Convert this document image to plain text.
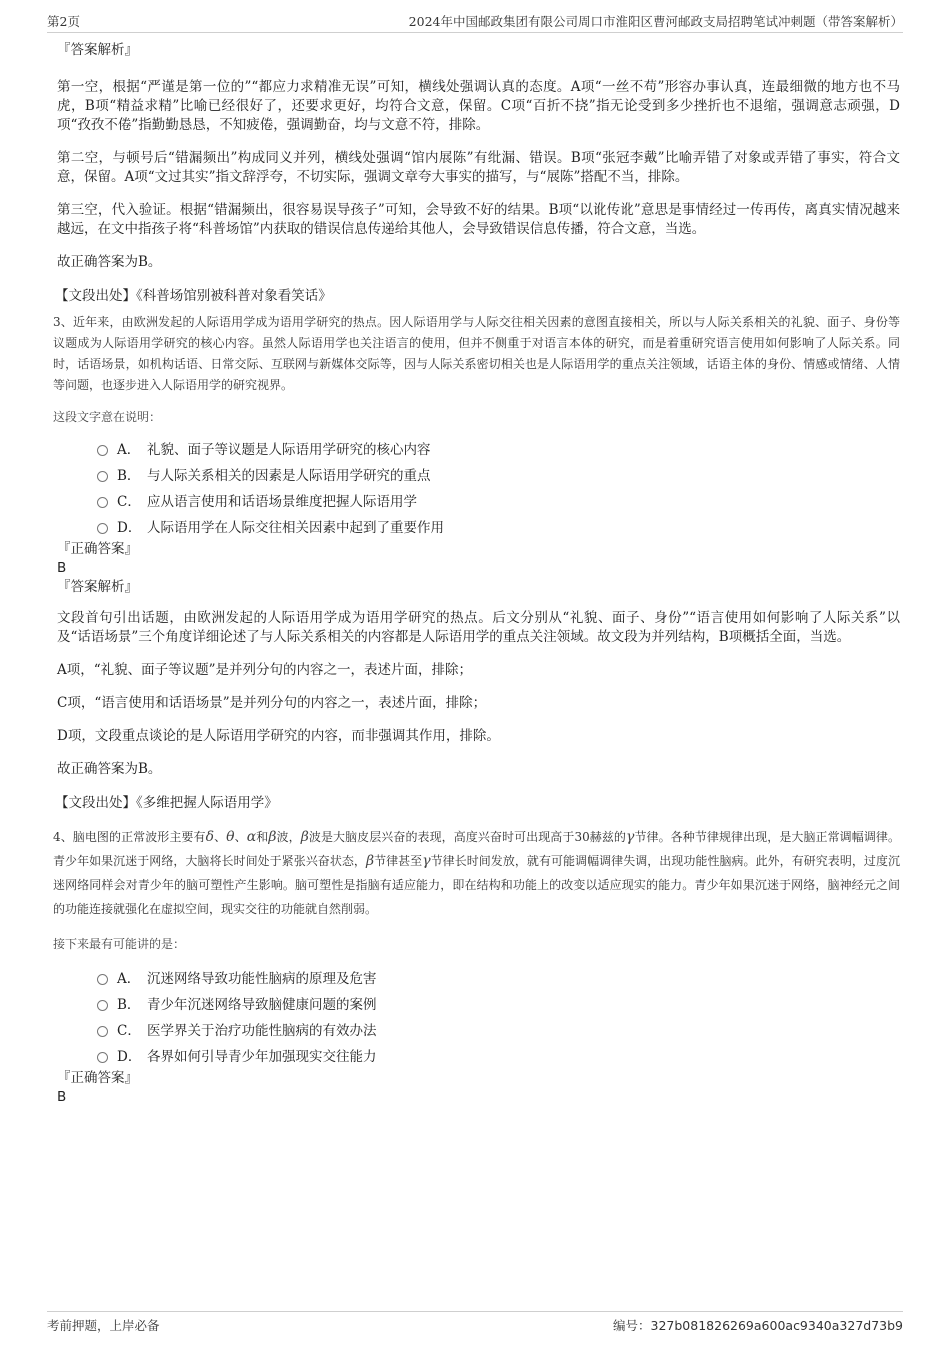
第2页	2024年中国邮政集团有限公司周口市淮阳区曹河邮政支局招聘笔试冲刺题（带答案解析）

『答案解析』

第一空，根据“严谨是第一位的”“都应力求精准无误”可知，横线处强调认真的态度。A项“一丝不苟”形容办事认真，连最细微的地方也不马虎，B项“精益求精”比喻已经很好了，还要求更好，均符合文意，保留。C项“百折不挠”指无论受到多少挫折也不退缩，强调意志顽强，D项“孜孜不倦”指勤勤恳恳，不知疲倦，强调勤奋，均与文意不符，排除。

第二空，与顿号后“错漏频出”构成同义并列，横线处强调“馆内展陈”有纰漏、错误。B项“张冠李戴”比喻弄错了对象或弄错了事实，符合文意，保留。A项“文过其实”指文辞浮夸，不切实际，强调文章夸大事实的描写，与“展陈”搭配不当，排除。

第三空，代入验证。根据“错漏频出，很容易误导孩子”可知，会导致不好的结果。B项“以讹传讹”意思是事情经过一传再传，离真实情况越来越远，在文中指孩子将“科普场馆”内获取的错误信息传递给其他人，会导致错误信息传播，符合文意，当选。

故正确答案为B。

【文段出处】《科普场馆别被科普对象看笑话》

3、近年来，由欧洲发起的人际语用学成为语用学研究的热点。因人际语用学与人际交往相关因素的意图直接相关，所以与人际关系相关的礼貌、面子、身份等议题成为人际语用学研究的核心内容。虽然人际语用学也关注语言的使用，但并不侧重于对语言本体的研究，而是着重研究语言使用如何影响了人际关系。同时，话语场景，如机构话语、日常交际、互联网与新媒体交际等，因与人际关系密切相关也是人际语用学的重点关注领域，话语主体的身份、情感或情绪、人情等问题，也逐步进入人际语用学的研究视界。

这段文字意在说明：

A． 礼貌、面子等议题是人际语用学研究的核心内容
B． 与人际关系相关的因素是人际语用学研究的重点
C． 应从语言使用和话语场景维度把握人际语用学
D． 人际语用学在人际交往相关因素中起到了重要作用

『正确答案』

B

『答案解析』

文段首句引出话题，由欧洲发起的人际语用学成为语用学研究的热点。后文分别从“礼貌、面子、身份”“语言使用如何影响了人际关系”以及“话语场景”三个角度详细论述了与人际关系相关的内容都是人际语用学的重点关注领域。故文段为并列结构，B项概括全面，当选。

A项，“礼貌、面子等议题”是并列分句的内容之一，表述片面，排除；

C项，“语言使用和话语场景”是并列分句的内容之一，表述片面，排除；

D项，文段重点谈论的是人际语用学研究的内容，而非强调其作用，排除。

故正确答案为B。

【文段出处】《多维把握人际语用学》

4、脑电图的正常波形主要有δ、θ、α和β波，β波是大脑皮层兴奋的表现，高度兴奋时可出现高于30赫兹的γ节律。各种节律规律出现，是大脑正常调幅调律。青少年如果沉迷于网络，大脑将长时间处于紧张兴奋状态，β节律甚至γ节律长时间发放，就有可能调幅调律失调，出现功能性脑病。此外，有研究表明，过度沉迷网络同样会对青少年的脑可塑性产生影响。脑可塑性是指脑有适应能力，即在结构和功能上的改变以适应现实的能力。青少年如果沉迷于网络，脑神经元之间的功能连接就强化在虚拟空间，现实交往的功能就自然削弱。

接下来最有可能讲的是：

A． 沉迷网络导致功能性脑病的原理及危害
B． 青少年沉迷网络导致脑健康问题的案例
C． 医学界关于治疗功能性脑病的有效办法
D． 各界如何引导青少年加强现实交往能力

『正确答案』

B

考前押题，上岸必备	编号：327b081826269a600ac9340a327d73b9
